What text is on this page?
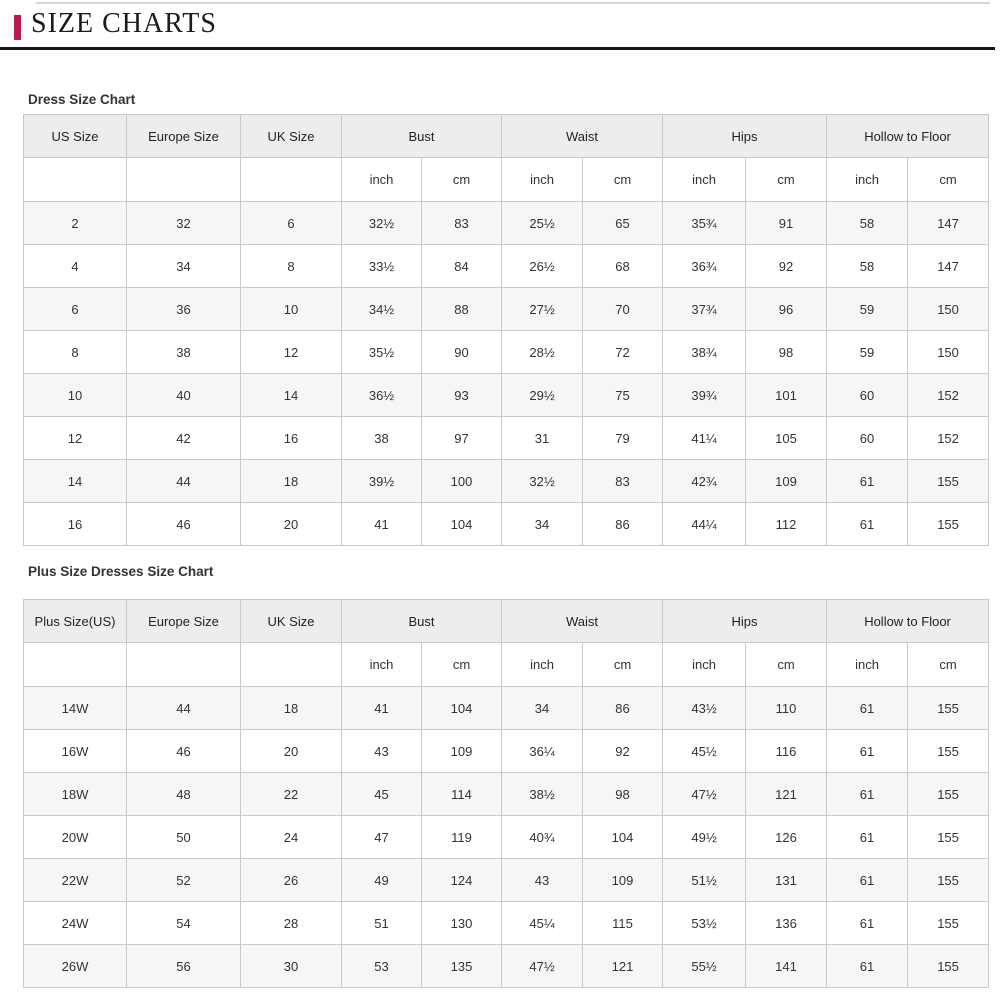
SIZE CHARTS
Dress Size Chart
US Size	Europe Size	UK Size	Bust		Waist		Hips		Hollow to Floor	
			inch	cm	inch	cm	inch	cm	inch	cm
2	32	6	32½	83	25½	65	35¾	91	58	147
4	34	8	33½	84	26½	68	36¾	92	58	147
6	36	10	34½	88	27½	70	37¾	96	59	150
8	38	12	35½	90	28½	72	38¾	98	59	150
10	40	14	36½	93	29½	75	39¾	101	60	152
12	42	16	38	97	31	79	41¼	105	60	152
14	44	18	39½	100	32½	83	42¾	109	61	155
16	46	20	41	104	34	86	44¼	112	61	155
Plus Size Dresses Size Chart
Plus Size(US)	Europe Size	UK Size	Bust		Waist		Hips		Hollow to Floor	
			inch	cm	inch	cm	inch	cm	inch	cm
14W	44	18	41	104	34	86	43½	110	61	155
16W	46	20	43	109	36¼	92	45½	116	61	155
18W	48	22	45	114	38½	98	47½	121	61	155
20W	50	24	47	119	40¾	104	49½	126	61	155
22W	52	26	49	124	43	109	51½	131	61	155
24W	54	28	51	130	45¼	115	53½	136	61	155
26W	56	30	53	135	47½	121	55½	141	61	155
